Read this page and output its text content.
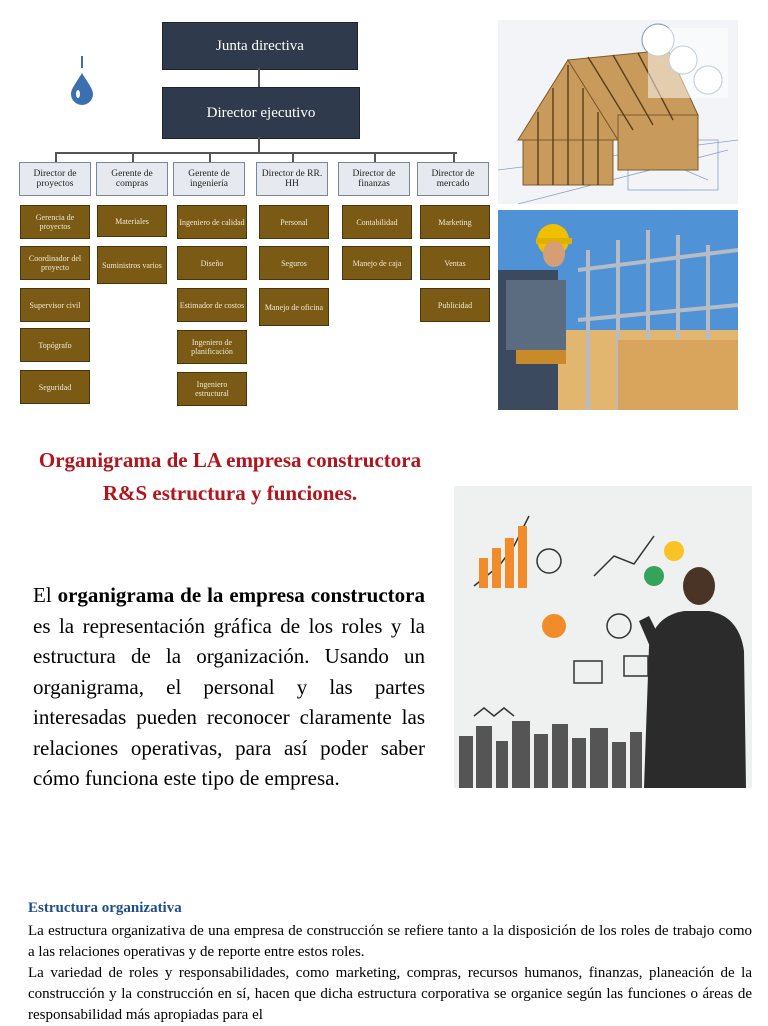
Junta directiva
Director ejecutivo
Director de proyectos
Gerencia de proyectos
Coordinador del proyecto
Supervisor civil
Topógrafo
Seguridad
Gerente de compras
Materiales
Suministros varios
Gerente de ingeniería
Ingeniero de calidad
Diseño
Estimador de costos
Ingeniero de planificación
Ingeniero estructural
Director de RR. HH
Personal
Seguros
Manejo de oficina
Director de finanzas
Contabilidad
Manejo de caja
Director de mercado
Marketing
Ventas
Publicidad
Organigrama de LA empresa constructora R&S estructura y funciones.
El organigrama de la empresa constructora es la representación gráfica de los roles y la estructura de la organización. Usando un organigrama, el personal y las partes interesadas pueden reconocer claramente las relaciones operativas, para así poder saber cómo funciona este tipo de empresa.
Estructura organizativa

La estructura organizativa de una empresa de construcción se refiere tanto a la disposición de los roles de trabajo como a las relaciones operativas y de reporte entre estos roles.

La variedad de roles y responsabilidades, como marketing, compras, recursos humanos, finanzas, planeación de la construcción y la construcción en sí, hacen que dicha estructura corporativa se organice según las funciones o áreas de responsabilidad más apropiadas para el
